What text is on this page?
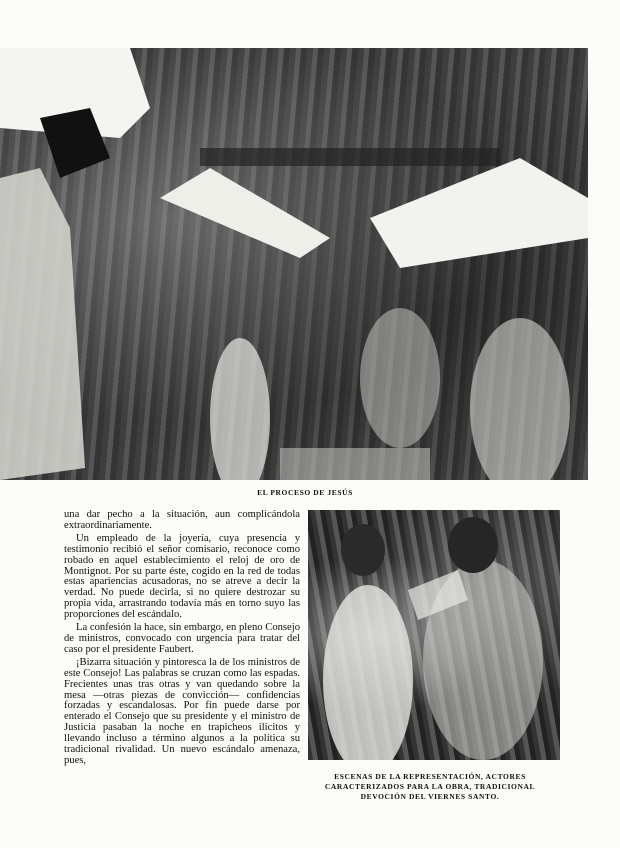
EL PROCESO DE JESÚS

una dar pecho a la situación, aun complicándola extraordinariamente.

Un empleado de la joyería, cuya presencia y testimonio recibió el señor comisario, reconoce como robado en aquel establecimiento el reloj de oro de Montignot. Por su parte éste, cogido en la red de todas estas apariencias acusadoras, no se atreve a decir la verdad. No puede decirla, si no quiere destrozar su propia vida, arrastrando todavía más en torno suyo las proporciones del escándalo.

La confesión la hace, sin embargo, en pleno Consejo de ministros, convocado con urgencia para tratar del caso por el presidente Faubert.

¡Bizarra situación y pintoresca la de los ministros de este Consejo! Las palabras se cruzan como las espadas. Frecientes unas tras otras y van quedando sobre la mesa —otras piezas de convicción— confidencias forzadas y escandalosas. Por fin puede darse por enterado el Consejo que su presidente y el ministro de Justicia pasaban la noche en trapicheos ilícitos y llevando incluso a término algunos a la política su tradicional rivalidad. Un nuevo escándalo amenaza, pues,

ESCENAS DE LA REPRESENTACIÓN, ACTORES CARACTERIZADOS PARA LA OBRA, TRADICIONAL DEVOCIÓN DEL VIERNES SANTO.
